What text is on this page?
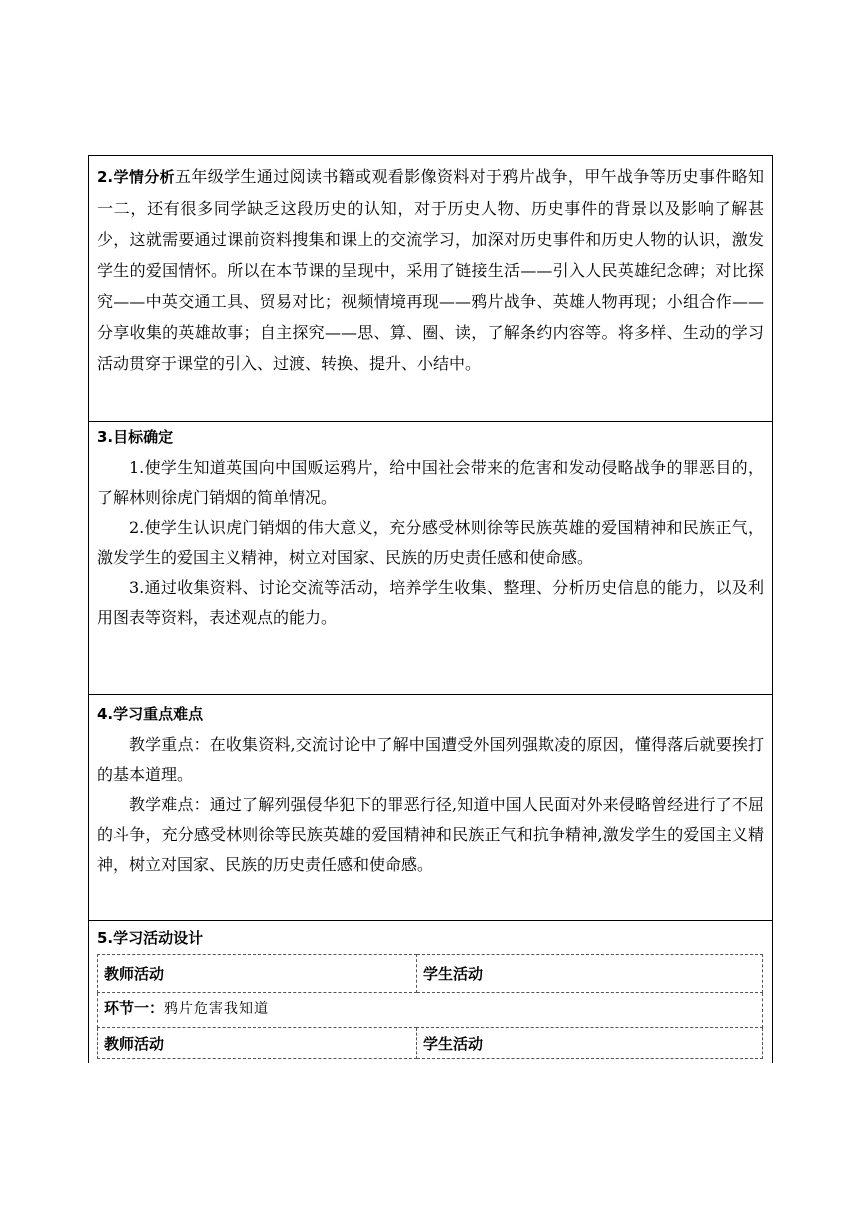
2.学情分析五年级学生通过阅读书籍或观看影像资料对于鸦片战争，甲午战争等历史事件略知一二，还有很多同学缺乏这段历史的认知，对于历史人物、历史事件的背景以及影响了解甚少，这就需要通过课前资料搜集和课上的交流学习，加深对历史事件和历史人物的认识，激发学生的爱国情怀。所以在本节课的呈现中，采用了链接生活——引入人民英雄纪念碑；对比探究——中英交通工具、贸易对比；视频情境再现——鸦片战争、英雄人物再现；小组合作——分享收集的英雄故事；自主探究——思、算、圈、读，了解条约内容等。将多样、生动的学习活动贯穿于课堂的引入、过渡、转换、提升、小结中。
3.目标确定

1.使学生知道英国向中国贩运鸦片，给中国社会带来的危害和发动侵略战争的罪恶目的，了解林则徐虎门销烟的简单情况。

2.使学生认识虎门销烟的伟大意义，充分感受林则徐等民族英雄的爱国精神和民族正气，激发学生的爱国主义精神，树立对国家、民族的历史责任感和使命感。

3.通过收集资料、讨论交流等活动，培养学生收集、整理、分析历史信息的能力，以及利用图表等资料，表述观点的能力。

4.学习重点难点

教学重点：在收集资料,交流讨论中了解中国遭受外国列强欺凌的原因，懂得落后就要挨打的基本道理。

教学难点：通过了解列强侵华犯下的罪恶行径,知道中国人民面对外来侵略曾经进行了不屈的斗争，充分感受林则徐等民族英雄的爱国精神和民族正气和抗争精神,激发学生的爱国主义精神，树立对国家、民族的历史责任感和使命感。

5.学习活动设计
教师活动	学生活动
环节一：鸦片危害我知道	
教师活动	学生活动
